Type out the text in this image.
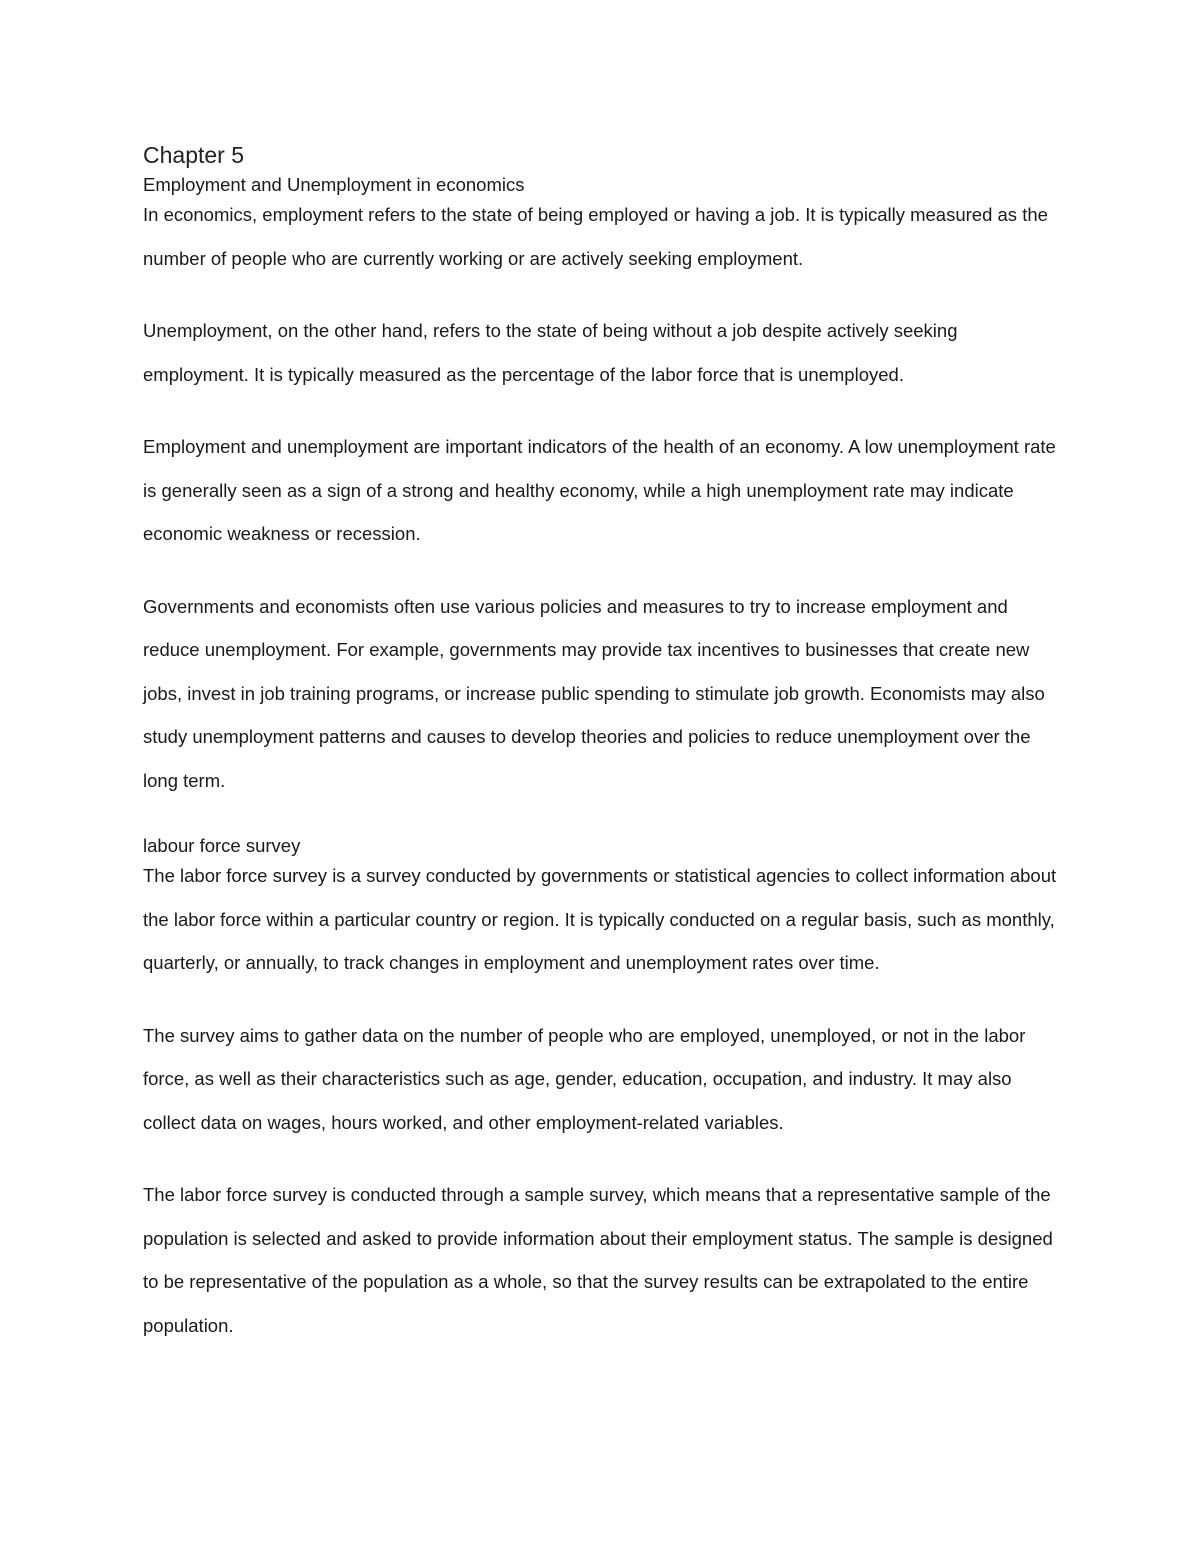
Chapter 5
Employment and Unemployment in economics

In economics, employment refers to the state of being employed or having a job. It is typically measured as the number of people who are currently working or are actively seeking employment.

Unemployment, on the other hand, refers to the state of being without a job despite actively seeking employment. It is typically measured as the percentage of the labor force that is unemployed.

Employment and unemployment are important indicators of the health of an economy. A low unemployment rate is generally seen as a sign of a strong and healthy economy, while a high unemployment rate may indicate economic weakness or recession.

Governments and economists often use various policies and measures to try to increase employment and reduce unemployment. For example, governments may provide tax incentives to businesses that create new jobs, invest in job training programs, or increase public spending to stimulate job growth. Economists may also study unemployment patterns and causes to develop theories and policies to reduce unemployment over the long term.

labour force survey

The labor force survey is a survey conducted by governments or statistical agencies to collect information about the labor force within a particular country or region. It is typically conducted on a regular basis, such as monthly, quarterly, or annually, to track changes in employment and unemployment rates over time.

The survey aims to gather data on the number of people who are employed, unemployed, or not in the labor force, as well as their characteristics such as age, gender, education, occupation, and industry. It may also collect data on wages, hours worked, and other employment-related variables.

The labor force survey is conducted through a sample survey, which means that a representative sample of the population is selected and asked to provide information about their employment status. The sample is designed to be representative of the population as a whole, so that the survey results can be extrapolated to the entire population.
